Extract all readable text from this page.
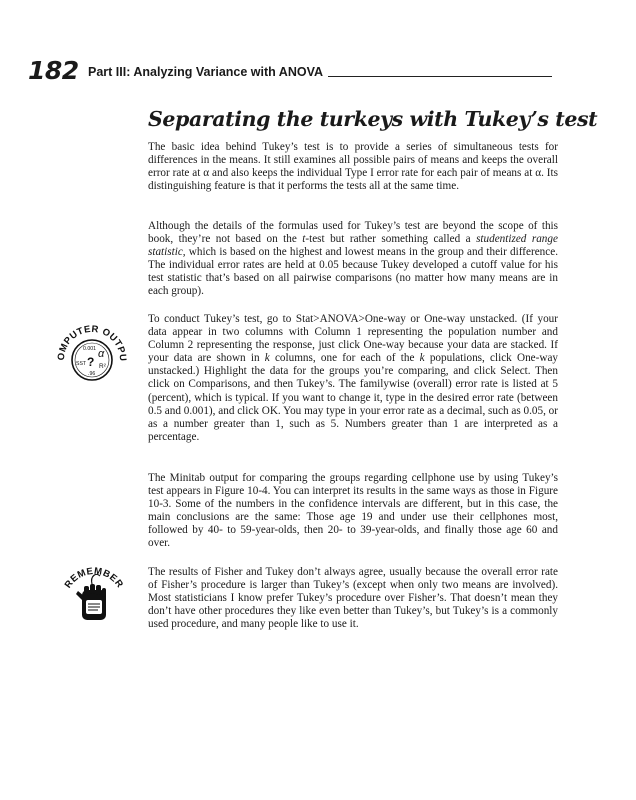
182 Part III: Analyzing Variance with ANOVA
Separating the turkeys with Tukey’s test

The basic idea behind Tukey’s test is to provide a series of simultaneous tests for differences in the means. It still examines all possible pairs of means and keeps the overall error rate at α and also keeps the individual Type I error rate for each pair of means at α. Its distinguishing feature is that it performs the tests all at the same time.

Although the details of the formulas used for Tukey’s test are beyond the scope of this book, they’re not based on the t-test but rather something called a studentized range statistic, which is based on the highest and lowest means in the group and their difference. The individual error rates are held at 0.05 because Tukey developed a cutoff value for his test statistic that’s based on all pairwise comparisons (no matter how many means are in each group).

OMPUTER OUTPU
0.001 α
R²
?
SST
.96

To conduct Tukey’s test, go to Stat>ANOVA>One-way or One-way unstacked. (If your data appear in two columns with Column 1 representing the population number and Column 2 representing the response, just click One-way because your data are stacked. If your data are shown in k columns, one for each of the k populations, click One-way unstacked.) Highlight the data for the groups you’re comparing, and click Select. Then click on Comparisons, and then Tukey’s. The familywise (overall) error rate is listed at 5 (percent), which is typical. If you want to change it, type in the desired error rate (between 0.5 and 0.001), and click OK. You may type in your error rate as a decimal, such as 0.05, or as a number greater than 1, such as 5. Numbers greater than 1 are interpreted as a percentage.

The Minitab output for comparing the groups regarding cellphone use by using Tukey’s test appears in Figure 10-4. You can interpret its results in the same ways as those in Figure 10-3. Some of the numbers in the confidence intervals are different, but in this case, the main conclusions are the same: Those age 19 and under use their cellphones most, followed by 40- to 59-year-olds, then 20- to 39-year-olds, and finally those age 60 and over.

REMEMBER

The results of Fisher and Tukey don’t always agree, usually because the overall error rate of Fisher’s procedure is larger than Tukey’s (except when only two means are involved). Most statisticians I know prefer Tukey’s procedure over Fisher’s. That doesn’t mean they don’t have other procedures they like even better than Tukey’s, but Tukey’s is a commonly used procedure, and many people like to use it.
